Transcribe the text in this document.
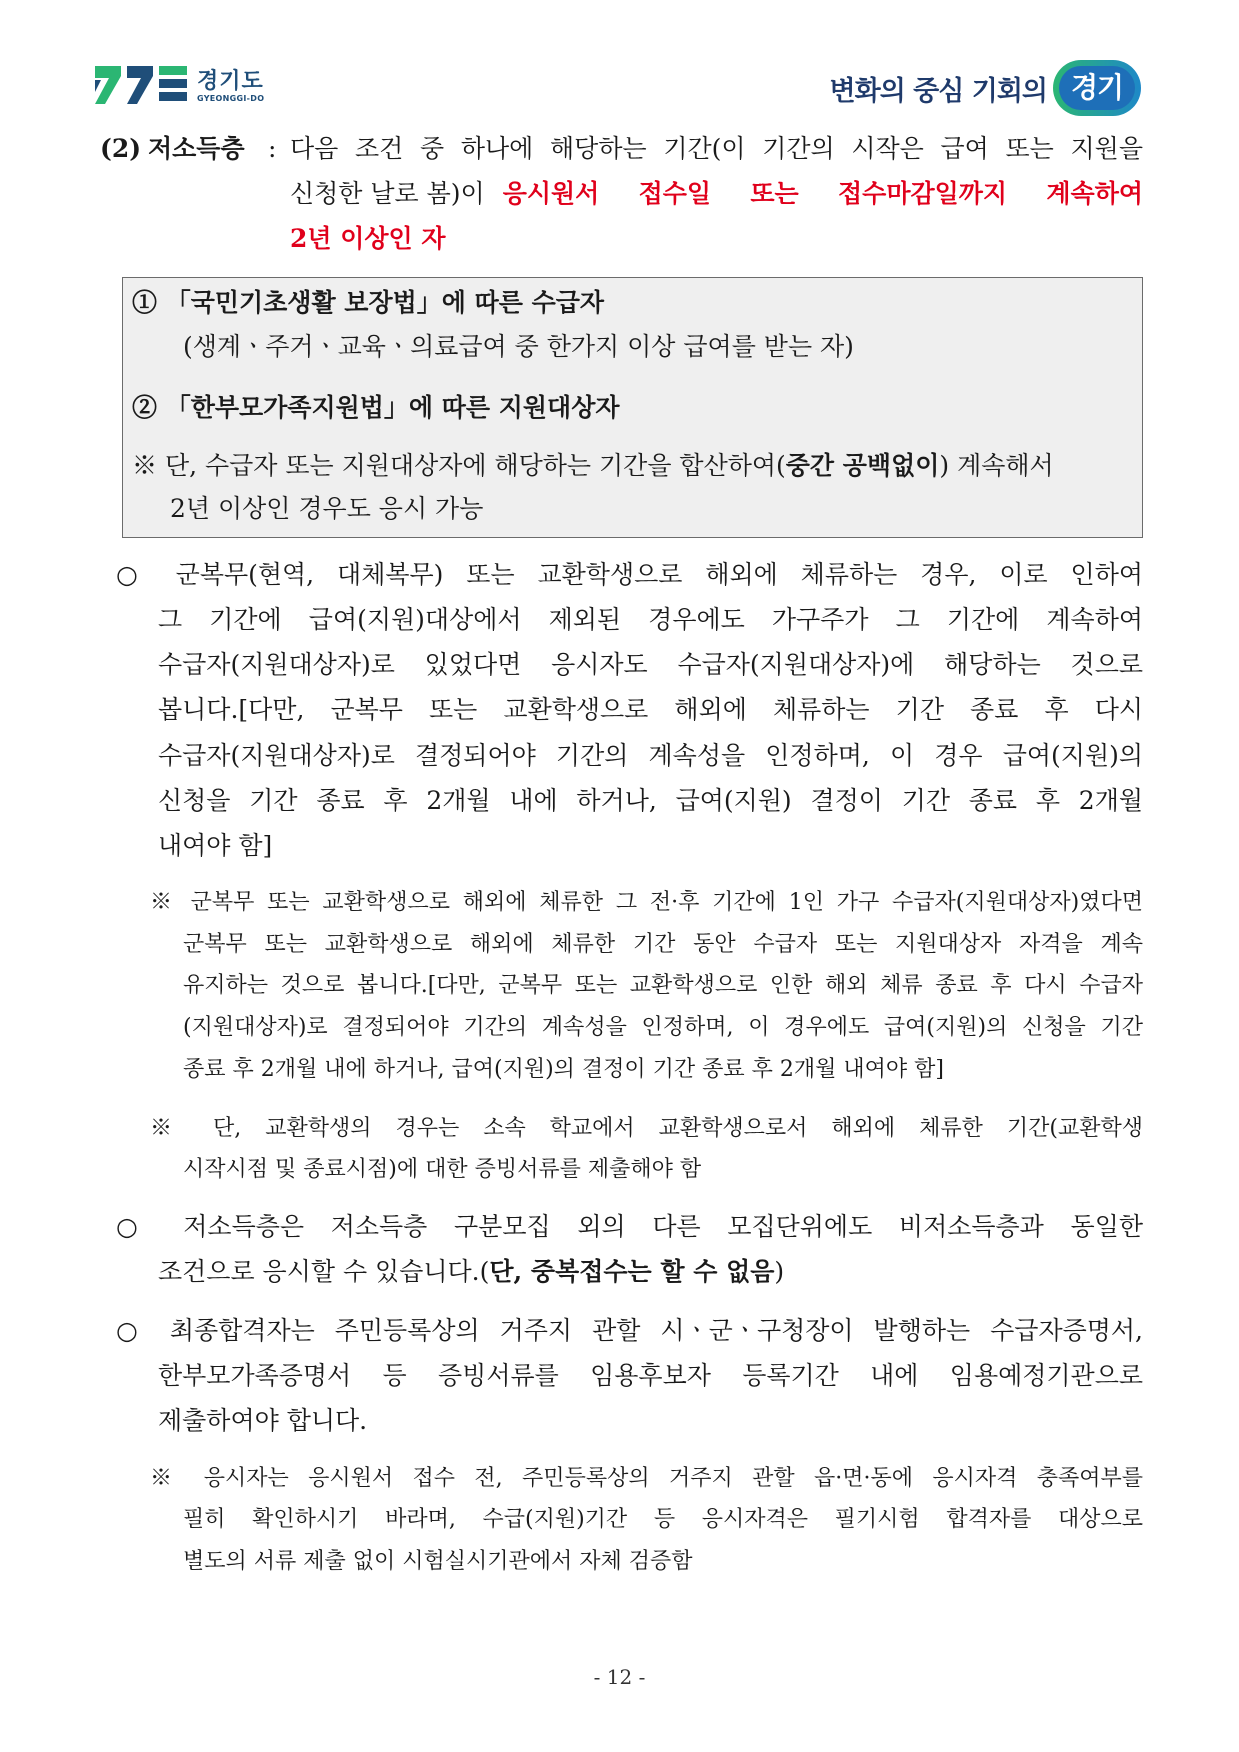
경기도
GYEONGGI-DO	변화의 중심 기회의 경기
(2) 저소득층 : 다음 조건 중 하나에 해당하는 기간(이 기간의 시작은 급여 또는 지원을
신청한 날로 봄)이 응시원서 접수일 또는 접수마감일까지 계속하여
2년 이상인 자
① 「국민기초생활 보장법」에 따른 수급자
(생계ㆍ주거ㆍ교육ㆍ의료급여 중 한가지 이상 급여를 받는 자)
② 「한부모가족지원법」에 따른 지원대상자
※ 단, 수급자 또는 지원대상자에 해당하는 기간을 합산하여( 중간 공백없이 ) 계속해서
2년 이상인 경우도 응시 가능
○ 군복무(현역, 대체복무) 또는 교환학생으로 해외에 체류하는 경우, 이로 인하여
그 기간에 급여(지원)대상에서 제외된 경우에도 가구주가 그 기간에 계속하여
수급자(지원대상자)로 있었다면 응시자도 수급자(지원대상자)에 해당하는 것으로
봅니다.[다만, 군복무 또는 교환학생으로 해외에 체류하는 기간 종료 후 다시
수급자(지원대상자)로 결정되어야 기간의 계속성을 인정하며, 이 경우 급여(지원)의
신청을 기간 종료 후 2개월 내에 하거나, 급여(지원) 결정이 기간 종료 후 2개월
내여야 함]
※ 군복무 또는 교환학생으로 해외에 체류한 그 전·후 기간에 1인 가구 수급자(지원대상자)였다면
군복무 또는 교환학생으로 해외에 체류한 기간 동안 수급자 또는 지원대상자 자격을 계속
유지하는 것으로 봅니다.[다만, 군복무 또는 교환학생으로 인한 해외 체류 종료 후 다시 수급자
(지원대상자)로 결정되어야 기간의 계속성을 인정하며, 이 경우에도 급여(지원)의 신청을 기간
종료 후 2개월 내에 하거나, 급여(지원)의 결정이 기간 종료 후 2개월 내여야 함]
※ 단, 교환학생의 경우는 소속 학교에서 교환학생으로서 해외에 체류한 기간(교환학생
시작시점 및 종료시점)에 대한 증빙서류를 제출해야 함
○ 저소득층은 저소득층 구분모집 외의 다른 모집단위에도 비저소득층과 동일한
조건으로 응시할 수 있습니다.(단, 중복접수는 할 수 없음)
○ 최종합격자는 주민등록상의 거주지 관할 시ㆍ군ㆍ구청장이 발행하는 수급자증명서,
한부모가족증명서 등 증빙서류를 임용후보자 등록기간 내에 임용예정기관으로
제출하여야 합니다.
※ 응시자는 응시원서 접수 전, 주민등록상의 거주지 관할 읍·면·동에 응시자격 충족여부를
필히 확인하시기 바라며, 수급(지원)기간 등 응시자격은 필기시험 합격자를 대상으로
별도의 서류 제출 없이 시험실시기관에서 자체 검증함
- 12 -
